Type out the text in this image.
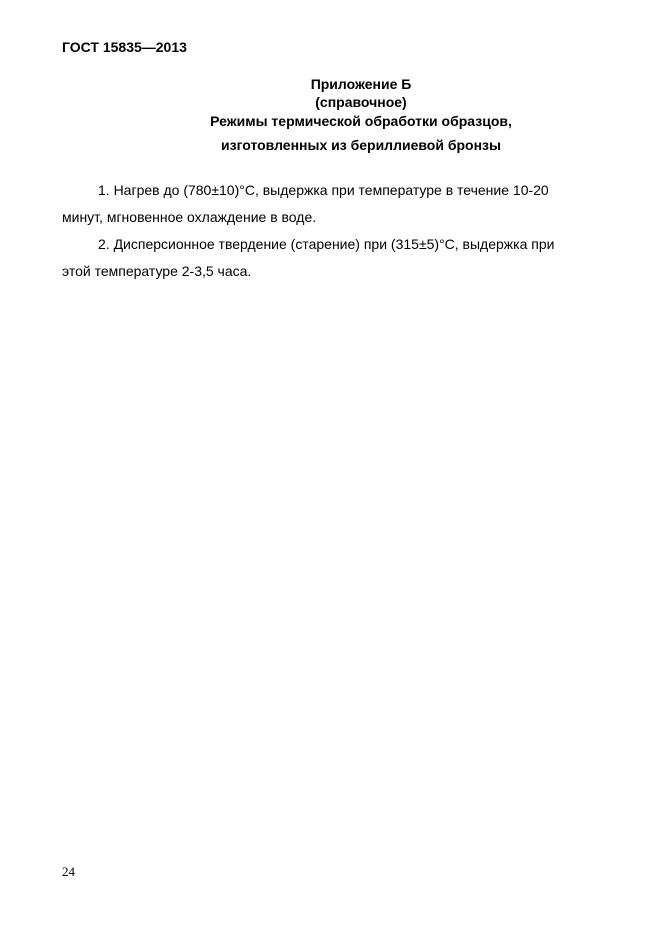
ГОСТ 15835—2013
Приложение Б
(справочное)
Режимы термической обработки образцов,
изготовленных из бериллиевой бронзы
1. Нагрев до (780±10)°С, выдержка при температуре в течение 10-20
минут, мгновенное охлаждение в воде.
2. Дисперсионное твердение (старение) при (315±5)°С, выдержка при
этой температуре 2-3,5 часа.
24
